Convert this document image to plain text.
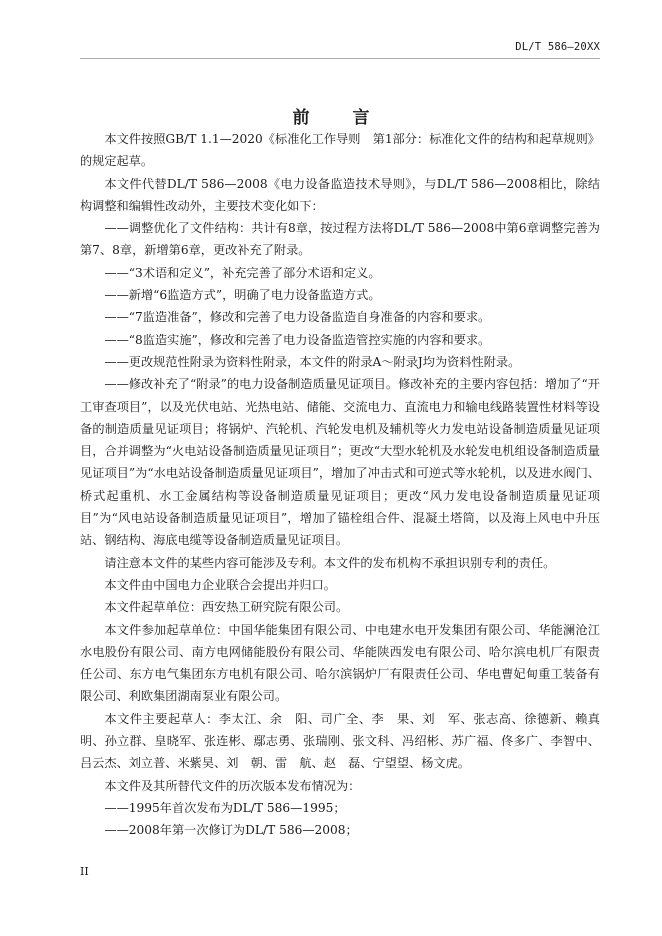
DL/T 586—20XX
前　言

本文件按照GB/T 1.1—2020《标准化工作导则　第1部分：标准化文件的结构和起草规则》的规定起草。

本文件代替DL/T 586—2008《电力设备监造技术导则》，与DL/T 586—2008相比，除结构调整和编辑性改动外，主要技术变化如下：

——调整优化了文件结构：共计有8章，按过程方法将DL/T 586—2008中第6章调整完善为第7、8章，新增第6章，更改补充了附录。

——“3术语和定义”，补充完善了部分术语和定义。

——新增“6监造方式”，明确了电力设备监造方式。

——“7监造准备”，修改和完善了电力设备监造自身准备的内容和要求。

——“8监造实施”，修改和完善了电力设备监造管控实施的内容和要求。

——更改规范性附录为资料性附录，本文件的附录A～附录J均为资料性附录。

——修改补充了“附录”的电力设备制造质量见证项目。修改补充的主要内容包括：增加了“开工审查项目”，以及光伏电站、光热电站、储能、交流电力、直流电力和输电线路装置性材料等设备的制造质量见证项目；将锅炉、汽轮机、汽轮发电机及辅机等火力发电站设备制造质量见证项目，合并调整为“火电站设备制造质量见证项目”；更改“大型水轮机及水轮发电机组设备制造质量见证项目”为“水电站设备制造质量见证项目”，增加了冲击式和可逆式等水轮机，以及进水阀门、桥式起重机、水工金属结构等设备制造质量见证项目；更改“风力发电设备制造质量见证项目”为“风电站设备制造质量见证项目”，增加了锚栓组合件、混凝土塔筒，以及海上风电中升压站、钢结构、海底电缆等设备制造质量见证项目。

请注意本文件的某些内容可能涉及专利。本文件的发布机构不承担识别专利的责任。

本文件由中国电力企业联合会提出并归口。

本文件起草单位：西安热工研究院有限公司。

本文件参加起草单位：中国华能集团有限公司、中电建水电开发集团有限公司、华能澜沧江水电股份有限公司、南方电网储能股份有限公司、华能陕西发电有限公司、哈尔滨电机厂有限责任公司、东方电气集团东方电机有限公司、哈尔滨锅炉厂有限责任公司、华电曹妃甸重工装备有限公司、利欧集团湖南泵业有限公司。

本文件主要起草人：李太江、余　阳、司广全、李　果、刘　军、张志高、徐德新、赖真明、孙立群、皇晓军、张连彬、鄢志勇、张瑞刚、张文科、冯绍彬、苏广福、佟多广、李智中、吕云杰、刘立普、米紫昊、刘　朝、雷　航、赵　磊、宁望望、杨文虎。

本文件及其所替代文件的历次版本发布情况为：

——1995年首次发布为DL/T 586—1995；

——2008年第一次修订为DL/T 586—2008；

II
